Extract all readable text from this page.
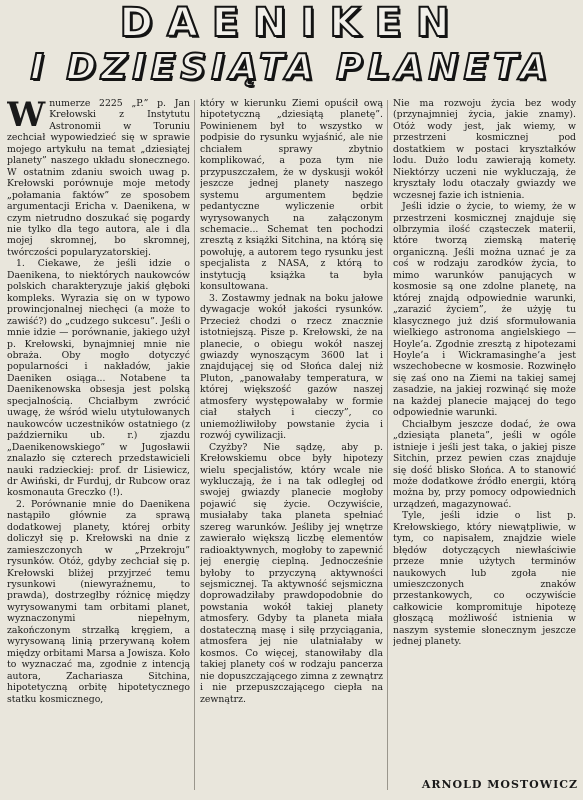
DAENIKEN
I DZIESIĄTA PLANETA

Wnumerze 2225 „P.” p. Jan Krełowski z Instytutu Astronomii w Toruniu zechciał wypowiedzieć się w sprawie mojego artykułu na temat „dziesiątej planety” naszego układu słonecznego. W ostatnim zdaniu swoich uwag p. Krełowski porównuje moje metody „połamania faktów” ze sposobem argumentacji Ericha v. Daenikena, w czym nietrudno doszukać się pogardy nie tylko dla tego autora, ale i dla mojej skromnej, bo skromnej, twórczości popularyzatorskiej.

1. Ciekawe, że jeśli idzie o Daenikena, to niektórych naukowców polskich charakteryzuje jakiś głęboki kompleks. Wyrazia się on w typowo prowincjonalnej niechęci (a może to zawiść?) do „cudzego sukcesu”. Jeśli o mnie idzie — porównanie, jakiego użył p. Krełowski, bynajmniej mnie nie obraża. Oby mogło dotyczyć popularności i nakładów, jakie Daeniken osiąga... Notabene ta Daenikenowska obsesja jest polską specjalnością. Chciałbym zwrócić uwagę, że wśród wielu utytułowanych naukowców uczestników ostatniego (z październiku ub. r.) zjazdu „Daenikenowskiego” w Jugosławii znalazło się czterech przedstawicieli nauki radzieckiej: prof. dr Lisiewicz, dr Awiński, dr Furduj, dr Rubcow oraz kosmonauta Greczko (!).

2. Porównanie mnie do Daenikena nastąpiło głównie za sprawą dodatkowej planety, której orbity doliczył się p. Krełowski na dnie z zamieszczonych w „Przekroju” rysunków. Otóż, gdyby zechciał się p. Krełowski bliżej przyjrzeć temu rysunkowi (niewyraźnemu, to prawda), dostrzegłby różnicę między wyrysowanymi tam orbitami planet, wyznaczonymi niepełnym, zakończonym strzałką kręgiem, a wyrysowaną linią przerywaną kołem między orbitami Marsa a Jowisza. Koło to wyznaczać ma, zgodnie z intencją autora, Zachariasza Sitchina, hipotetyczną orbitę hipotetycznego statku kosmicznego,

który w kierunku Ziemi opuścił ową hipotetyczną „dziesiątą planetę”. Powinienem był to wszystko w podpisie do rysunku wyjaśnić, ale nie chciałem sprawy zbytnio komplikować, a poza tym nie przypuszczałem, że w dyskusji wokół jeszcze jednej planety naszego systemu argumentem będzie pedantyczne wyliczenie orbit wyrysowanych na załączonym schemacie... Schemat ten pochodzi zresztą z książki Sitchina, na którą się powołuję, a autorem tego rysunku jest specjalista z NASA, z którą to instytucją książka ta była konsultowana.

3. Zostawmy jednak na boku jałowe dywagacje wokół jakości rysunków. Przecież chodzi o rzecz znacznie istotniejszą. Pisze p. Krełowski, że na planecie, o obiegu wokół naszej gwiazdy wynoszącym 3600 lat i znajdującej się od Słońca dalej niż Pluton, „panowałaby temperatura, w której większość gazów naszej atmosfery występowałaby w formie ciał stałych i cieczy”, co uniemożliwiłoby powstanie życia i rozwój cywilizacji.

Czyżby? Nie sądzę, aby p. Krełowskiemu obce były hipotezy wielu specjalistów, który wcale nie wykluczają, że i na tak odległej od swojej gwiazdy planecie mogłoby pojawić się życie. Oczywiście, musiałaby taka planeta spełniać szereg warunków. Jeśliby jej wnętrze zawierało większą liczbę elementów radioaktywnych, mogłoby to zapewnić jej energię cieplną. Jednocześnie byłoby to przyczyną aktywności sejsmicznej. Ta aktywność sejsmiczna doprowadziłaby prawdopodobnie do powstania wokół takiej planety atmosfery. Gdyby ta planeta miała dostateczną masę i siłę przyciągania, atmosfera jej nie ulatniałaby w kosmos. Co więcej, stanowiłaby dla takiej planety coś w rodzaju pancerza nie dopuszczającego zimna z zewnątrz i nie przepuszczającego ciepła na zewnątrz.

Nie ma rozwoju życia bez wody (przynajmniej życia, jakie znamy). Otóż wody jest, jak wiemy, w przestrzeni kosmicznej pod dostatkiem w postaci kryształków lodu. Dużo lodu zawierają komety. Niektórzy uczeni nie wykluczają, że kryształy lodu otaczały gwiazdy we wczesnej fazie ich istnienia.

Jeśli idzie o życie, to wiemy, że w przestrzeni kosmicznej znajduje się olbrzymia ilość cząsteczek materii, które tworzą ziemską materię organiczną. Jeśli można uznać je za coś w rodzaju zarodków życia, to mimo warunków panujących w kosmosie są one zdolne planetę, na której znajdą odpowiednie warunki, „zarazić życiem”, że użyję tu klasycznego już dziś sformułowania wielkiego astronoma angielskiego — Hoyle’a. Zgodnie zresztą z hipotezami Hoyle’a i Wickramasinghe’a jest wszechobecne w kosmosie. Rozwinęło się zaś ono na Ziemi na takiej samej zasadzie, na jakiej rozwinąć się może na każdej planecie mającej do tego odpowiednie warunki.

Chciałbym jeszcze dodać, że owa „dziesiąta planeta”, jeśli w ogóle istnieje i jeśli jest taka, o jakiej pisze Sitchin, przez pewien czas znajduje się dość blisko Słońca. A to stanowić może dodatkowe źródło energii, którą można by, przy pomocy odpowiednich urządzeń, magazynować.

Tyle, jeśli idzie o list p. Krełowskiego, który niewątpliwie, w tym, co napisałem, znajdzie wiele błędów dotyczących niewłaściwie przeze mnie użytych terminów naukowych lub zgoła nie umieszczonych znaków przestankowych, co oczywiście całkowicie kompromituje hipotezę głoszącą możliwość istnienia w naszym systemie słonecznym jeszcze jednej planety.

ARNOLD MOSTOWICZ
